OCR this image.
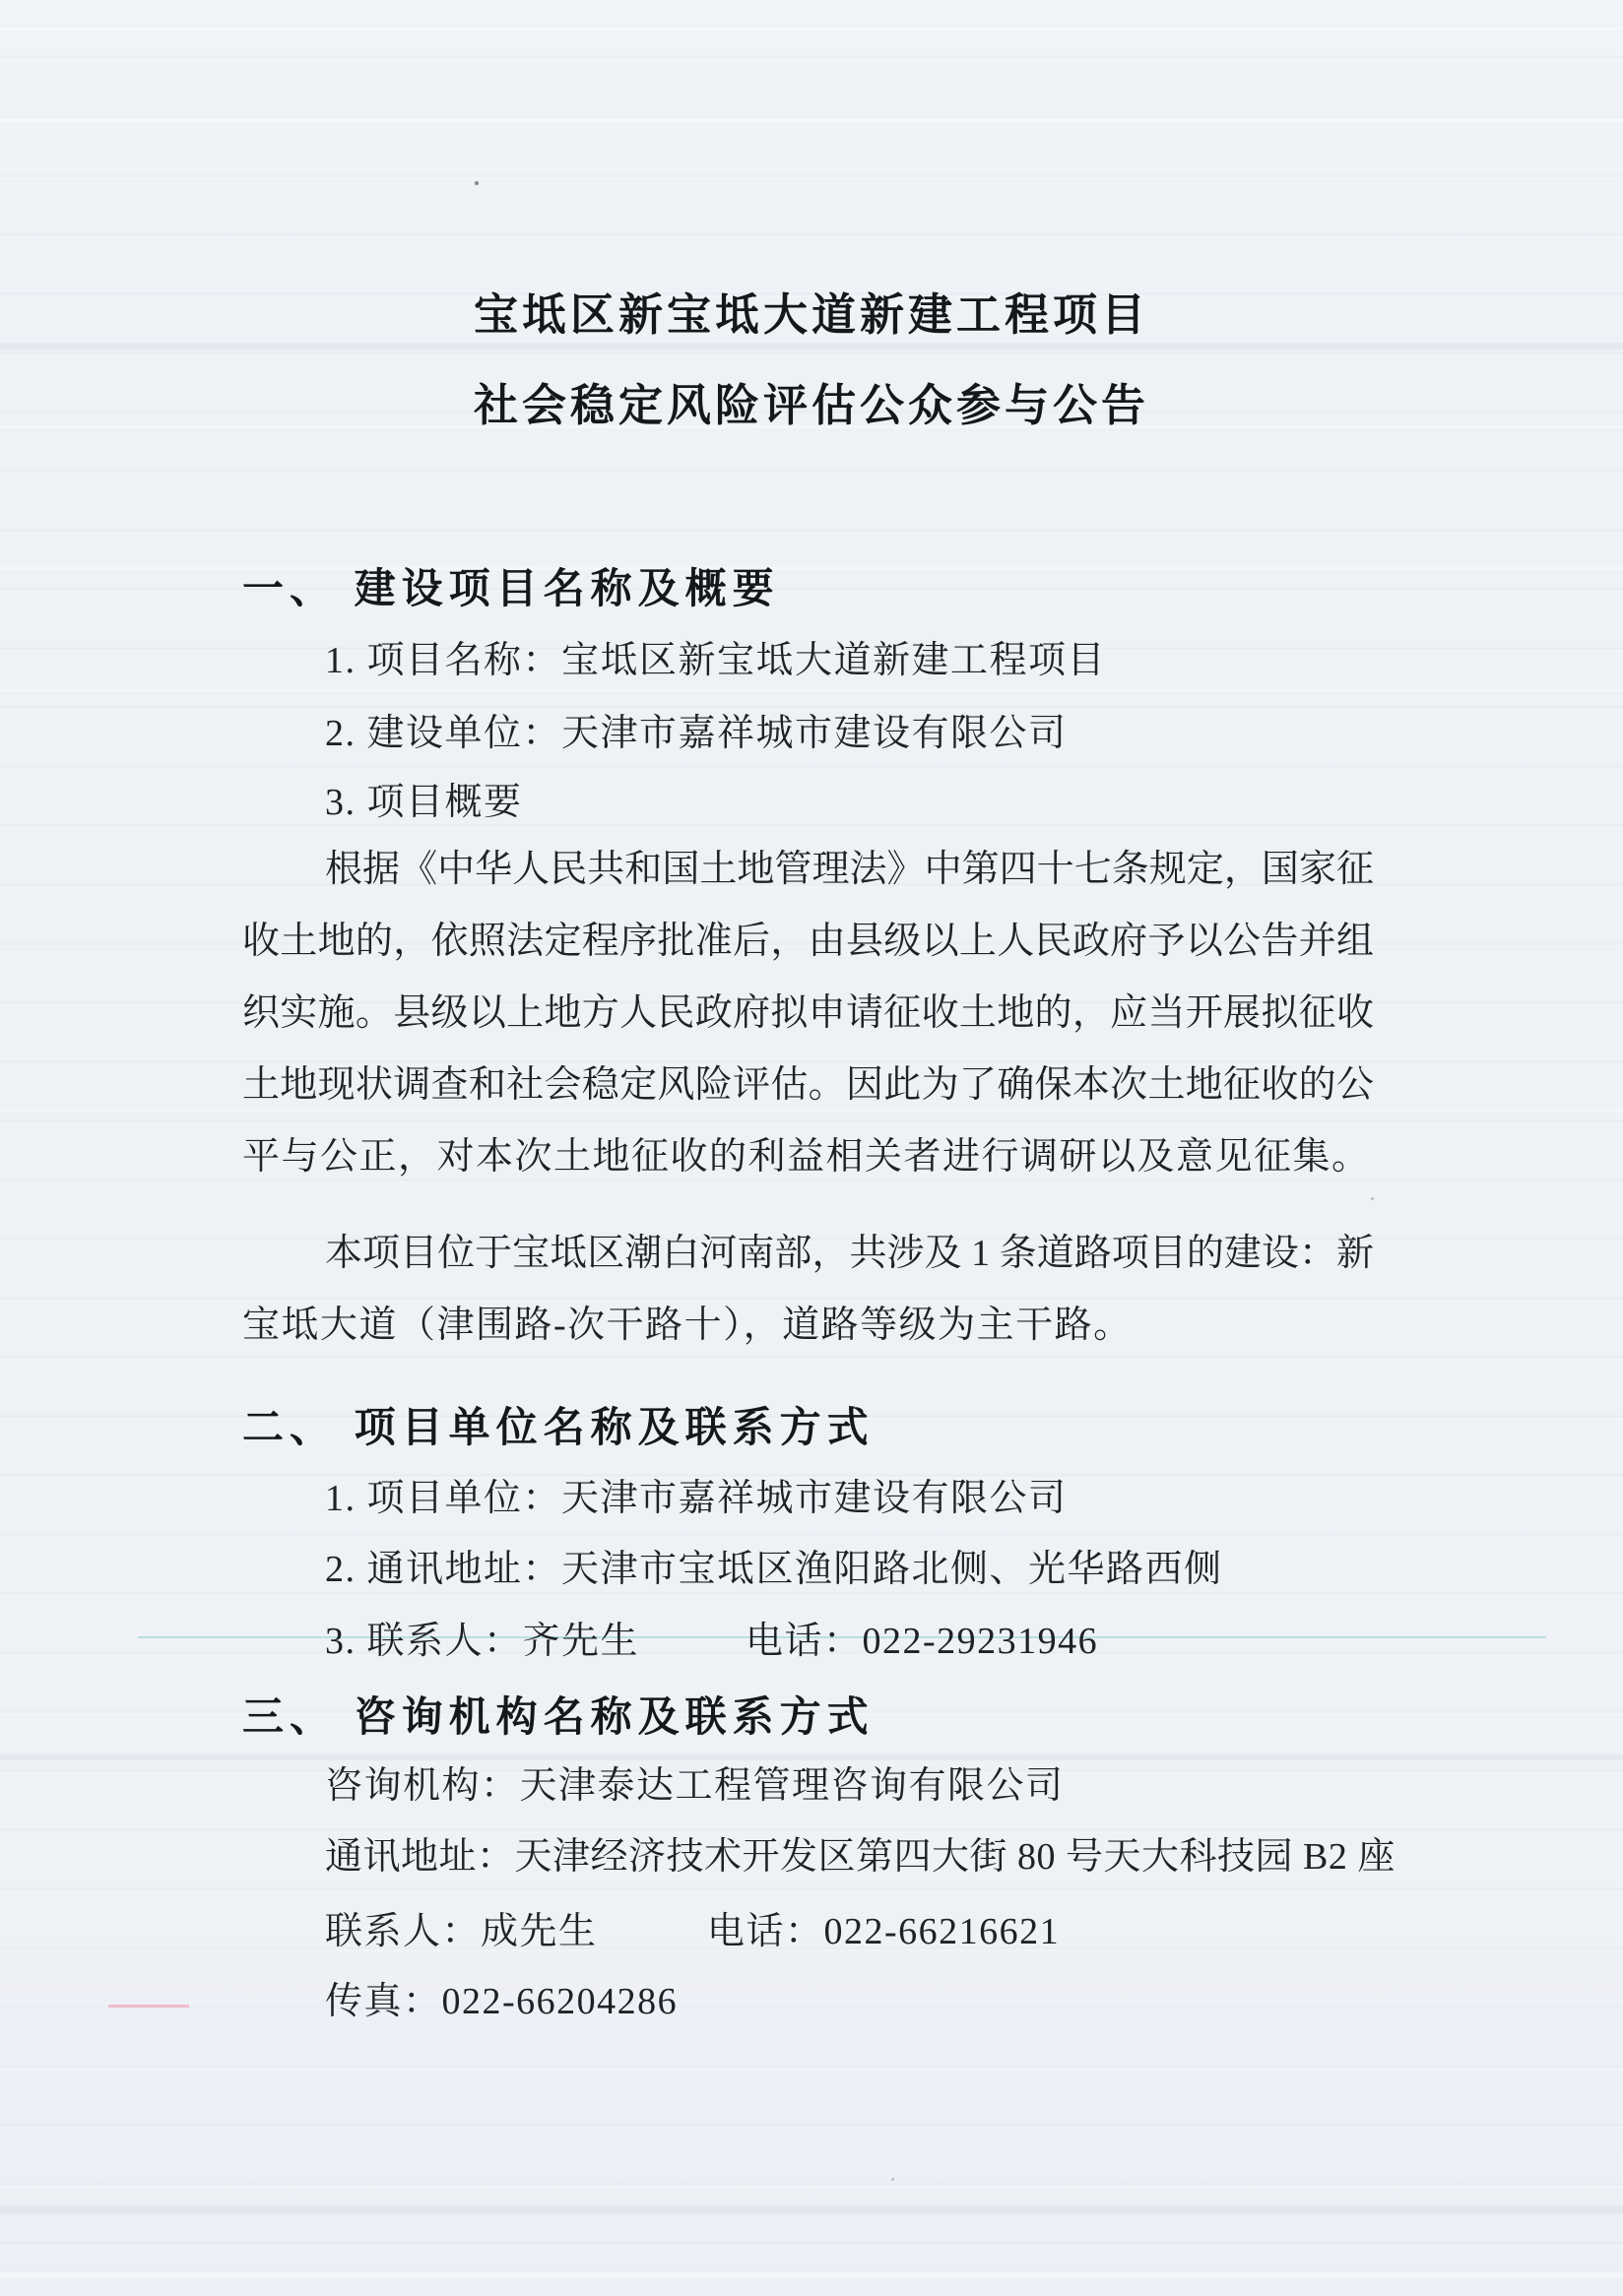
宝坻区新宝坻大道新建工程项目
社会稳定风险评估公众参与公告
一、 建设项目名称及概要
1. 项目名称：宝坻区新宝坻大道新建工程项目
2. 建设单位：天津市嘉祥城市建设有限公司
3. 项目概要
根据《中华人民共和国土地管理法》中第四十七条规定，国家征
收土地的，依照法定程序批准后，由县级以上人民政府予以公告并组
织实施。县级以上地方人民政府拟申请征收土地的，应当开展拟征收
土地现状调查和社会稳定风险评估。因此为了确保本次土地征收的公
平与公正，对本次土地征收的利益相关者进行调研以及意见征集。
本项目位于宝坻区潮白河南部，共涉及 1 条道路项目的建设：新
宝坻大道（津围路-次干路十），道路等级为主干路。
二、 项目单位名称及联系方式
1. 项目单位：天津市嘉祥城市建设有限公司
2. 通讯地址：天津市宝坻区渔阳路北侧、光华路西侧
3. 联系人：齐先生	电话：022-29231946
三、 咨询机构名称及联系方式
咨询机构：天津泰达工程管理咨询有限公司
通讯地址：天津经济技术开发区第四大街 80 号天大科技园 B2 座
联系人：成先生	电话：022-66216621
传真：022-66204286
